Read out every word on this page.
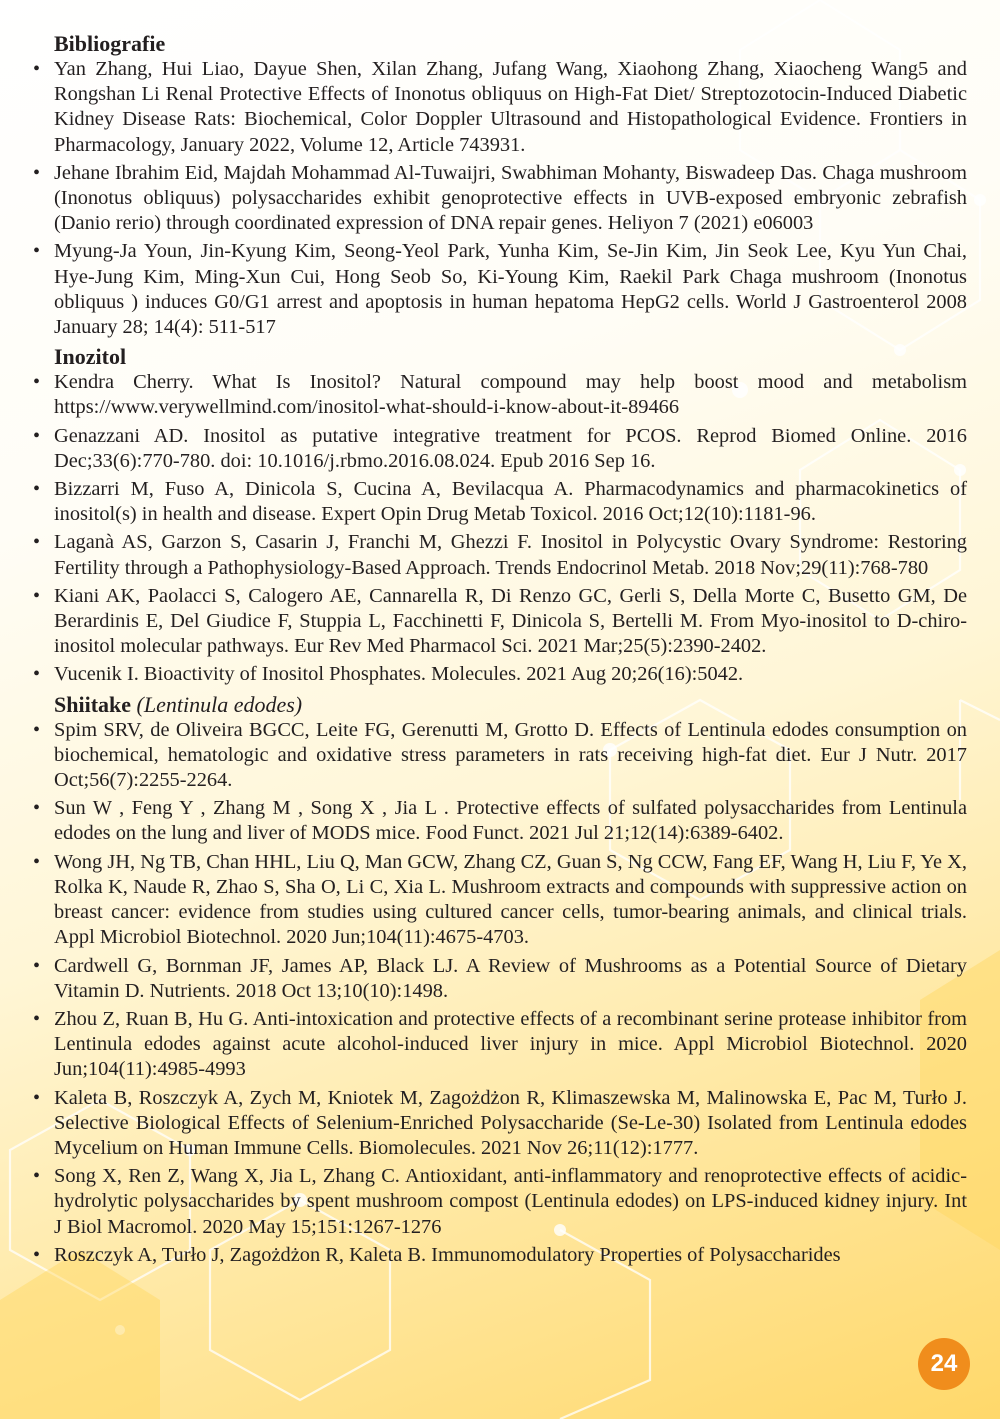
Bibliografie
• Yan Zhang, Hui Liao, Dayue Shen, Xilan Zhang, Jufang Wang, Xiaohong Zhang, Xiaocheng Wang5 and Rongshan Li Renal Protective Effects of Inonotus obliquus on High-Fat Diet/ Streptozotocin-Induced Diabetic Kidney Disease Rats: Biochemical, Color Doppler Ultrasound and Histopathological Evidence. Frontiers in Pharmacology, January 2022, Volume 12, Article 743931.
• Jehane Ibrahim Eid, Majdah Mohammad Al-Tuwaijri, Swabhiman Mohanty, Biswadeep Das. Chaga mushroom (Inonotus obliquus) polysaccharides exhibit genoprotective effects in UVB-exposed embryonic zebrafish (Danio rerio) through coordinated expression of DNA repair genes. Heliyon 7 (2021) e06003
• Myung-Ja Youn, Jin-Kyung Kim, Seong-Yeol Park, Yunha Kim, Se-Jin Kim, Jin Seok Lee, Kyu Yun Chai, Hye-Jung Kim, Ming-Xun Cui, Hong Seob So, Ki-Young Kim, Raekil Park Chaga mushroom (Inonotus obliquus ) induces G0/G1 arrest and apoptosis in human hepatoma HepG2 cells. World J Gastroenterol 2008 January 28; 14(4): 511-517
Inozitol
• Kendra Cherry. What Is Inositol? Natural compound may help boost mood and metabolism https://www.verywellmind.com/inositol-what-should-i-know-about-it-89466
• Genazzani AD. Inositol as putative integrative treatment for PCOS. Reprod Biomed Online. 2016 Dec;33(6):770-780. doi: 10.1016/j.rbmo.2016.08.024. Epub 2016 Sep 16.
• Bizzarri M, Fuso A, Dinicola S, Cucina A, Bevilacqua A. Pharmacodynamics and pharmacokinetics of inositol(s) in health and disease. Expert Opin Drug Metab Toxicol. 2016 Oct;12(10):1181-96.
• Laganà AS, Garzon S, Casarin J, Franchi M, Ghezzi F. Inositol in Polycystic Ovary Syndrome: Restoring Fertility through a Pathophysiology-Based Approach. Trends Endocrinol Metab. 2018 Nov;29(11):768-780
• Kiani AK, Paolacci S, Calogero AE, Cannarella R, Di Renzo GC, Gerli S, Della Morte C, Busetto GM, De Berardinis E, Del Giudice F, Stuppia L, Facchinetti F, Dinicola S, Bertelli M. From Myo-inositol to D-chiro-inositol molecular pathways. Eur Rev Med Pharmacol Sci. 2021 Mar;25(5):2390-2402.
• Vucenik I. Bioactivity of Inositol Phosphates. Molecules. 2021 Aug 20;26(16):5042.
Shiitake (Lentinula edodes)
• Spim SRV, de Oliveira BGCC, Leite FG, Gerenutti M, Grotto D. Effects of Lentinula edodes consumption on biochemical, hematologic and oxidative stress parameters in rats receiving high-fat diet. Eur J Nutr. 2017 Oct;56(7):2255-2264.
• Sun W , Feng Y , Zhang M , Song X , Jia L . Protective effects of sulfated polysaccharides from Lentinula edodes on the lung and liver of MODS mice. Food Funct. 2021 Jul 21;12(14):6389-6402.
• Wong JH, Ng TB, Chan HHL, Liu Q, Man GCW, Zhang CZ, Guan S, Ng CCW, Fang EF, Wang H, Liu F, Ye X, Rolka K, Naude R, Zhao S, Sha O, Li C, Xia L. Mushroom extracts and compounds with suppressive action on breast cancer: evidence from studies using cultured cancer cells, tumor-bearing animals, and clinical trials. Appl Microbiol Biotechnol. 2020 Jun;104(11):4675-4703.
• Cardwell G, Bornman JF, James AP, Black LJ. A Review of Mushrooms as a Potential Source of Dietary Vitamin D. Nutrients. 2018 Oct 13;10(10):1498.
• Zhou Z, Ruan B, Hu G. Anti-intoxication and protective effects of a recombinant serine protease inhibitor from Lentinula edodes against acute alcohol-induced liver injury in mice. Appl Microbiol Biotechnol. 2020 Jun;104(11):4985-4993
• Kaleta B, Roszczyk A, Zych M, Kniotek M, Zagożdżon R, Klimaszewska M, Malinowska E, Pac M, Turło J. Selective Biological Effects of Selenium-Enriched Polysaccharide (Se-Le-30) Isolated from Lentinula edodes Mycelium on Human Immune Cells. Biomolecules. 2021 Nov 26;11(12):1777.
• Song X, Ren Z, Wang X, Jia L, Zhang C. Antioxidant, anti-inflammatory and renoprotective effects of acidic-hydrolytic polysaccharides by spent mushroom compost (Lentinula edodes) on LPS-induced kidney injury. Int J Biol Macromol. 2020 May 15;151:1267-1276
• Roszczyk A, Turło J, Zagożdżon R, Kaleta B. Immunomodulatory Properties of Polysaccharides
24
